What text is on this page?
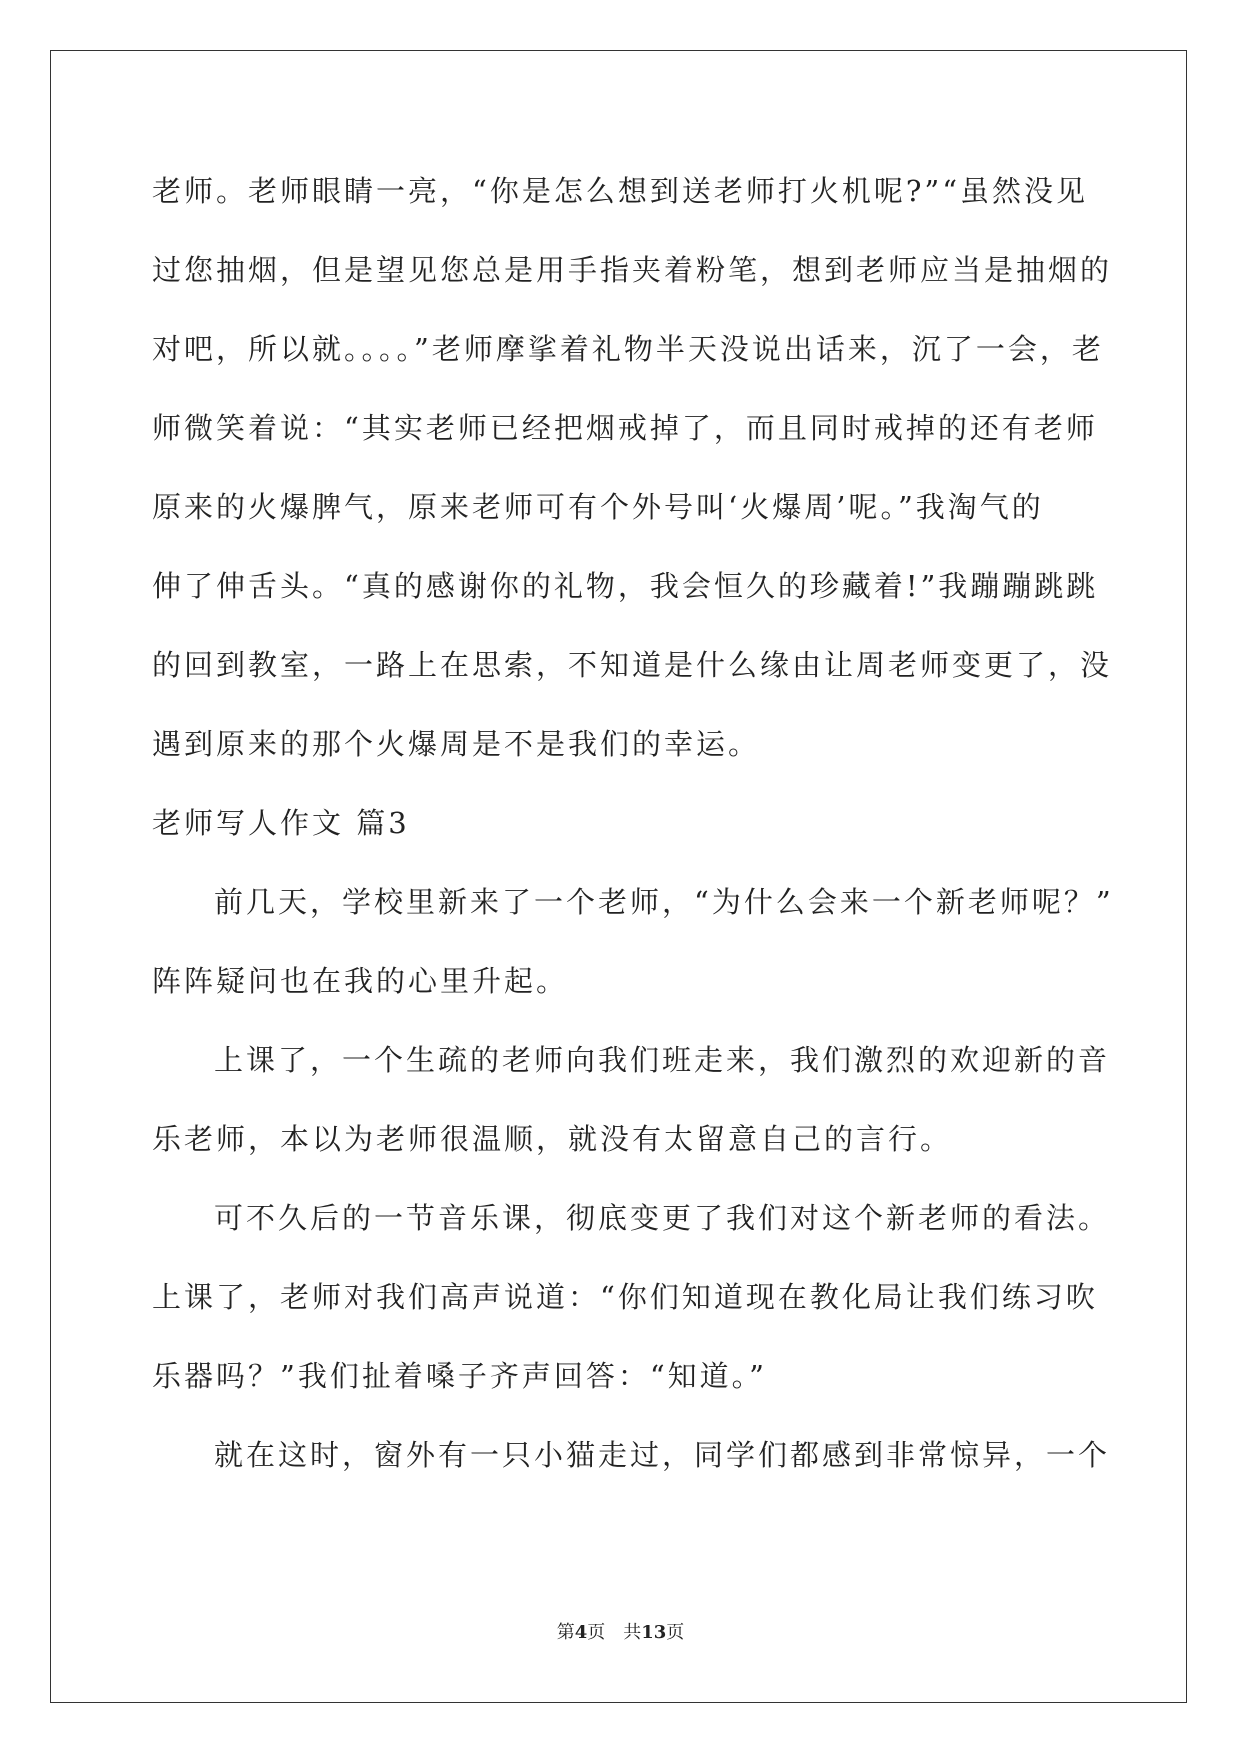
老师。老师眼睛一亮，“你是怎么想到送老师打火机呢?”“虽然没见

过您抽烟，但是望见您总是用手指夹着粉笔，想到老师应当是抽烟的

对吧，所以就。。。。”老师摩挲着礼物半天没说出话来，沉了一会，老

师微笑着说：“其实老师已经把烟戒掉了，而且同时戒掉的还有老师

原来的火爆脾气，原来老师可有个外号叫‘火爆周’呢。”我淘气的

伸了伸舌头。“真的感谢你的礼物，我会恒久的珍藏着!”我蹦蹦跳跳

的回到教室，一路上在思索，不知道是什么缘由让周老师变更了，没

遇到原来的那个火爆周是不是我们的幸运。

老师写人作文 篇3

前几天，学校里新来了一个老师，“为什么会来一个新老师呢？”

阵阵疑问也在我的心里升起。

上课了，一个生疏的老师向我们班走来，我们激烈的欢迎新的音

乐老师，本以为老师很温顺，就没有太留意自己的言行。

可不久后的一节音乐课，彻底变更了我们对这个新老师的看法。

上课了，老师对我们高声说道：“你们知道现在教化局让我们练习吹

乐器吗？”我们扯着嗓子齐声回答：“知道。”

就在这时，窗外有一只小猫走过，同学们都感到非常惊异，一个

第4页　共13页
